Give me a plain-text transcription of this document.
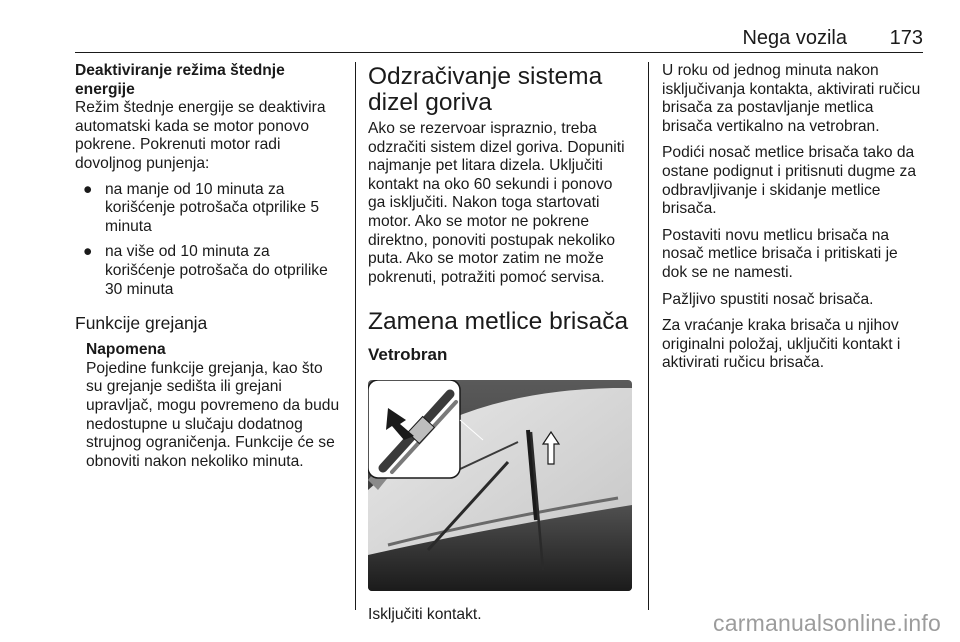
Nega vozila 173

Deaktiviranje režima štednje energije

Režim štednje energije se deaktivira automatski kada se motor ponovo pokrene. Pokrenuti motor radi dovoljnog punjenja:

● na manje od 10 minuta za korišćenje potrošača otprilike 5 minuta
● na više od 10 minuta za korišćenje potrošača do otprilike 30 minuta
Funkcije grejanja
Napomena

Pojedine funkcije grejanja, kao što su grejanje sedišta ili grejani upravljač, mogu povremeno da budu nedostupne u slučaju dodatnog strujnog ograničenja. Funkcije će se obnoviti nakon nekoliko minuta.

Odzračivanje sistema dizel goriva

Ako se rezervoar ispraznio, treba odzračiti sistem dizel goriva. Dopuniti najmanje pet litara dizela. Uključiti kontakt na oko 60 sekundi i ponovo ga isključiti. Nakon toga startovati motor. Ako se motor ne pokrene direktno, ponoviti postupak nekoliko puta. Ako se motor zatim ne može pokrenuti, potražiti pomoć servisa.

Zamena metlice brisača
Vetrobran

Isključiti kontakt.

U roku od jednog minuta nakon isključivanja kontakta, aktivirati ručicu brisača za postavljanje metlica brisača vertikalno na vetrobran.

Podići nosač metlice brisača tako da ostane podignut i pritisnuti dugme za odbravljivanje i skidanje metlice brisača.

Postaviti novu metlicu brisača na nosač metlice brisača i pritiskati je dok se ne namesti.

Pažljivo spustiti nosač brisača.

Za vraćanje kraka brisača u njihov originalni položaj, uključiti kontakt i aktivirati ručicu brisača.

carmanualsonline.info
